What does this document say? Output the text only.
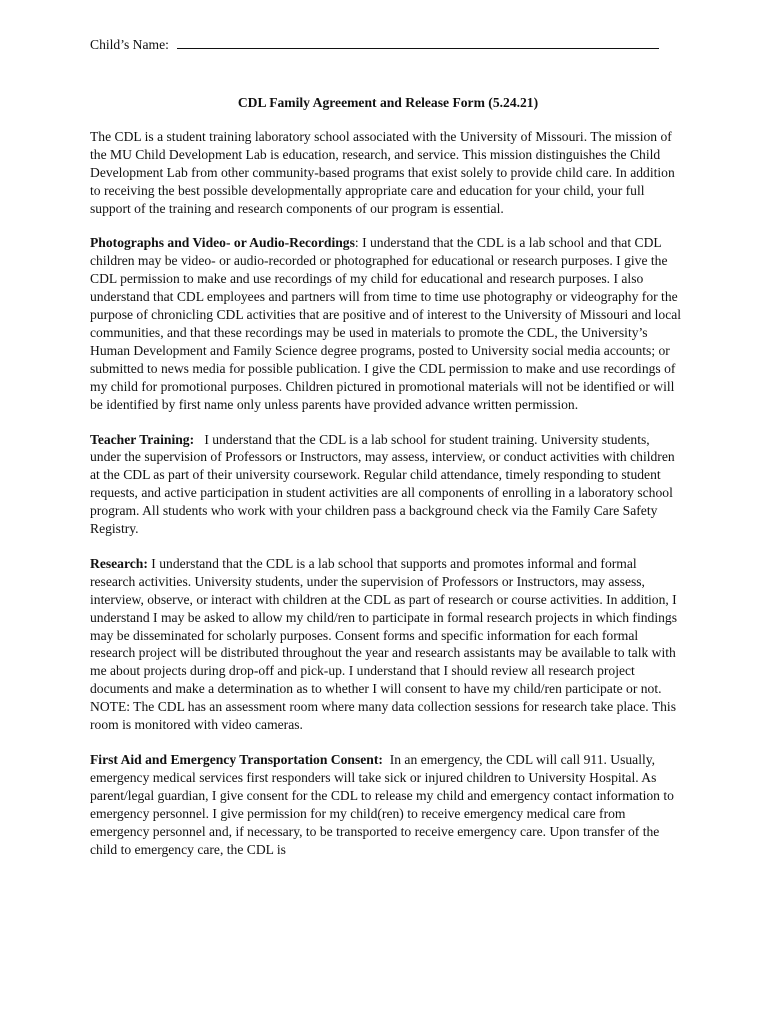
Child’s Name:
CDL Family Agreement and Release Form (5.24.21)

The CDL is a student training laboratory school associated with the University of Missouri. The mission of the MU Child Development Lab is education, research, and service. This mission distinguishes the Child Development Lab from other community-based programs that exist solely to provide child care. In addition to receiving the best possible developmentally appropriate care and education for your child, your full support of the training and research components of our program is essential.

Photographs and Video- or Audio-Recordings: I understand that the CDL is a lab school and that CDL children may be video- or audio-recorded or photographed for educational or research purposes. I give the CDL permission to make and use recordings of my child for educational and research purposes. I also understand that CDL employees and partners will from time to time use photography or videography for the purpose of chronicling CDL activities that are positive and of interest to the University of Missouri and local communities, and that these recordings may be used in materials to promote the CDL, the University’s Human Development and Family Science degree programs, posted to University social media accounts; or submitted to news media for possible publication. I give the CDL permission to make and use recordings of my child for promotional purposes. Children pictured in promotional materials will not be identified or will be identified by first name only unless parents have provided advance written permission.

Teacher Training: I understand that the CDL is a lab school for student training. University students, under the supervision of Professors or Instructors, may assess, interview, or conduct activities with children at the CDL as part of their university coursework. Regular child attendance, timely responding to student requests, and active participation in student activities are all components of enrolling in a laboratory school program. All students who work with your children pass a background check via the Family Care Safety Registry.

Research: I understand that the CDL is a lab school that supports and promotes informal and formal research activities. University students, under the supervision of Professors or Instructors, may assess, interview, observe, or interact with children at the CDL as part of research or course activities. In addition, I understand I may be asked to allow my child/ren to participate in formal research projects in which findings may be disseminated for scholarly purposes. Consent forms and specific information for each formal research project will be distributed throughout the year and research assistants may be available to talk with me about projects during drop-off and pick-up. I understand that I should review all research project documents and make a determination as to whether I will consent to have my child/ren participate or not. NOTE: The CDL has an assessment room where many data collection sessions for research take place. This room is monitored with video cameras.

First Aid and Emergency Transportation Consent: In an emergency, the CDL will call 911. Usually, emergency medical services first responders will take sick or injured children to University Hospital. As parent/legal guardian, I give consent for the CDL to release my child and emergency contact information to emergency personnel. I give permission for my child(ren) to receive emergency medical care from emergency personnel and, if necessary, to be transported to receive emergency care. Upon transfer of the child to emergency care, the CDL is
